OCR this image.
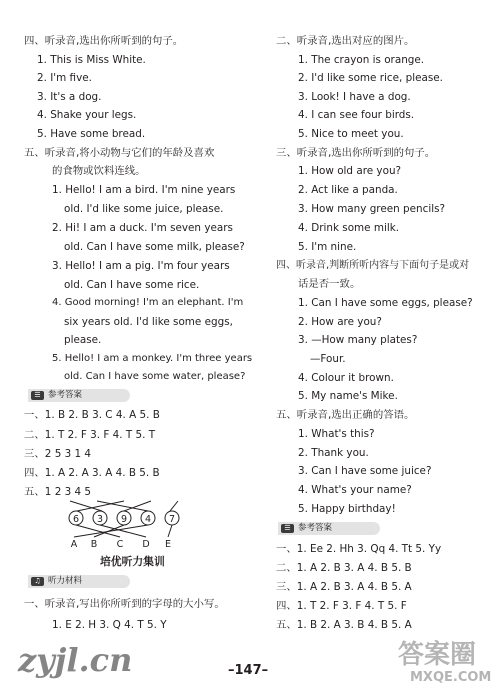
四、听录音,选出你所听到的句子。
1. This is Miss White.
2. I'm five.
3. It's a dog.
4. Shake your legs.
5. Have some bread.
五、听录音,将小动物与它们的年龄及喜欢
的食物或饮料连线。
1. Hello! I am a bird. I'm nine years
old. I'd like some juice, please.
2. Hi! I am a duck. I'm seven years
old. Can I have some milk, please?
3. Hello! I am a pig. I'm four years
old. Can I have some rice.
4. Good morning! I'm an elephant. I'm
six years old. I'd like some eggs,
please.
5. Hello! I am a monkey. I'm three years
old. Can I have some water, please?
☰ 参考答案
一、1. B 2. B 3. C 4. A 5. B
二、1. T 2. F 3. F 4. T 5. T
三、2 5 3 1 4
四、1. A 2. A 3. A 4. B 5. B
五、1 2 3 4 5
6 3 9 4 7
A B C D E
培优听力集训
♫ 听力材料
一、听录音,写出你所听到的字母的大小写。
1. E 2. H 3. Q 4. T 5. Y
二、听录音,选出对应的图片。
1. The crayon is orange.
2. I'd like some rice, please.
3. Look! I have a dog.
4. I can see four birds.
5. Nice to meet you.
三、听录音,选出你所听到的句子。
1. How old are you?
2. Act like a panda.
3. How many green pencils?
4. Drink some milk.
5. I'm nine.
四、听录音,判断所听内容与下面句子是或对
话是否一致。
1. Can I have some eggs, please?
2. How are you?
3. —How many plates?
—Four.
4. Colour it brown.
5. My name's Mike.
五、听录音,选出正确的答语。
1. What's this?
2. Thank you.
3. Can I have some juice?
4. What's your name?
5. Happy birthday!
☰ 参考答案
一、1. Ee 2. Hh 3. Qq 4. Tt 5. Yy
二、1. A 2. B 3. A 4. B 5. B
三、1. A 2. B 3. A 4. B 5. A
四、1. T 2. F 3. F 4. T 5. F
五、1. B 2. A 3. B 4. B 5. A
–147–
zyjl.cn	答案圈
MXQE.COM
